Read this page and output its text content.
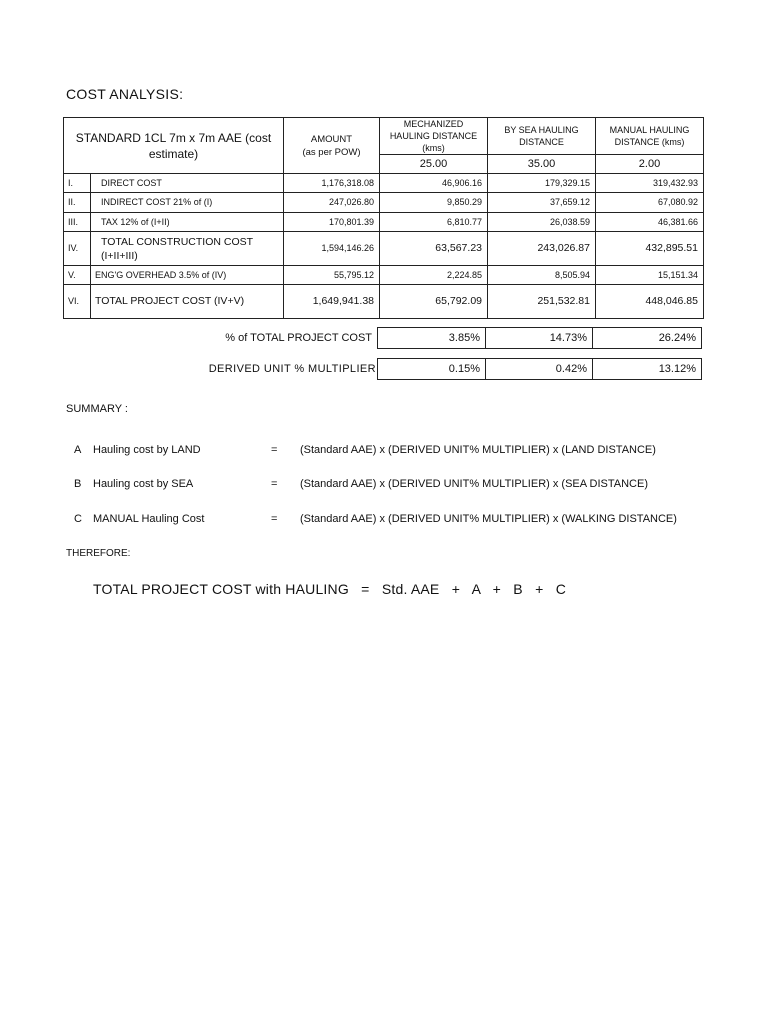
COST ANALYSIS:
STANDARD 1CL 7m x 7m AAE (cost estimate)		AMOUNT
(as per POW)	MECHANIZED HAULING DISTANCE (kms)	BY SEA HAULING DISTANCE	MANUAL HAULING DISTANCE (kms)
			25.00	35.00	2.00
I.	DIRECT COST	1,176,318.08	46,906.16	179,329.15	319,432.93
II.	INDIRECT COST 21% of (I)	247,026.80	9,850.29	37,659.12	67,080.92
III.	TAX 12% of (I+II)	170,801.39	6,810.77	26,038.59	46,381.66
IV.	TOTAL CONSTRUCTION COST
(I+II+III)	1,594,146.26	63,567.23	243,026.87	432,895.51
V.	ENG'G OVERHEAD 3.5% of (IV)	55,795.12	2,224.85	8,505.94	15,151.34
VI.	TOTAL PROJECT COST (IV+V)	1,649,941.38	65,792.09	251,532.81	448,046.85
% of TOTAL PROJECT COST	3.85%	14.73%	26.24%
DERIVED UNIT % MULTIPLIER	0.15%	0.42%	13.12%
SUMMARY :
A Hauling cost by LAND	= (Standard AAE) x (DERIVED UNIT% MULTIPLIER) x (LAND DISTANCE)
B Hauling cost by SEA	= (Standard AAE) x (DERIVED UNIT% MULTIPLIER) x (SEA DISTANCE)
C MANUAL Hauling Cost	= (Standard AAE) x (DERIVED UNIT% MULTIPLIER) x (WALKING DISTANCE)
THEREFORE:
TOTAL PROJECT COST with HAULING   =   Std. AAE   +   A   +   B   +   C
